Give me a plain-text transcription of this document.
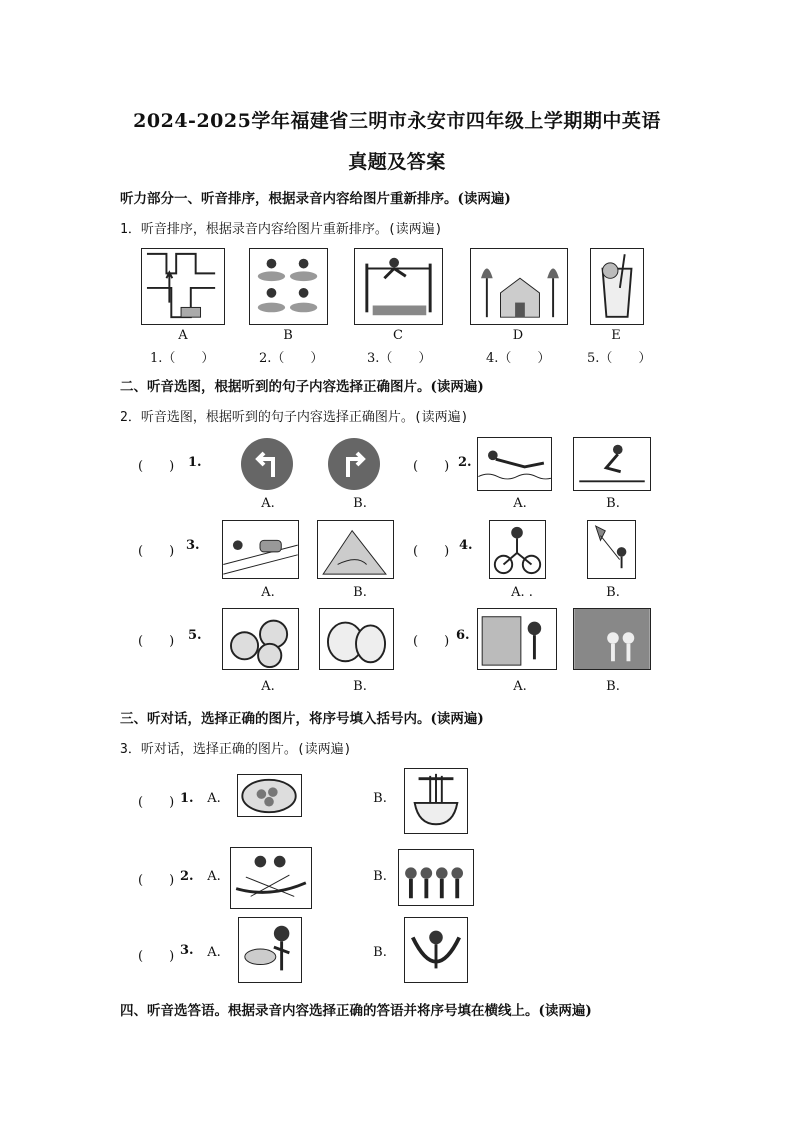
2024-2025学年福建省三明市永安市四年级上学期期中英语
真题及答案
听力部分一、听音排序，根据录音内容给图片重新排序。(读两遍)
1．听音排序，根据录音内容给图片重新排序。(读两遍)
A	B	C	D	E
1.（　　）	2.（　　）	3.（　　）	4.（　　）	5.（　　）
二、听音选图，根据听到的句子内容选择正确图片。(读两遍)
2．听音选图，根据听到的句子内容选择正确图片。(读两遍)
(　　) 1.	(　　) 2.
A.	B.	A.	B.
(　　) 3.	(　　) 4.
A.	B.	A. .	B.
(　　) 5.	(　　) 6.
A.	B.	A.	B.
三、听对话，选择正确的图片，将序号填入括号内。(读两遍)
3．听对话，选择正确的图片。(读两遍)
(　　) 1.	A.	B.
(　　) 2.	A.	B.
(　　) 3.	A.	B.
四、听音选答语。根据录音内容选择正确的答语并将序号填在横线上。(读两遍)
